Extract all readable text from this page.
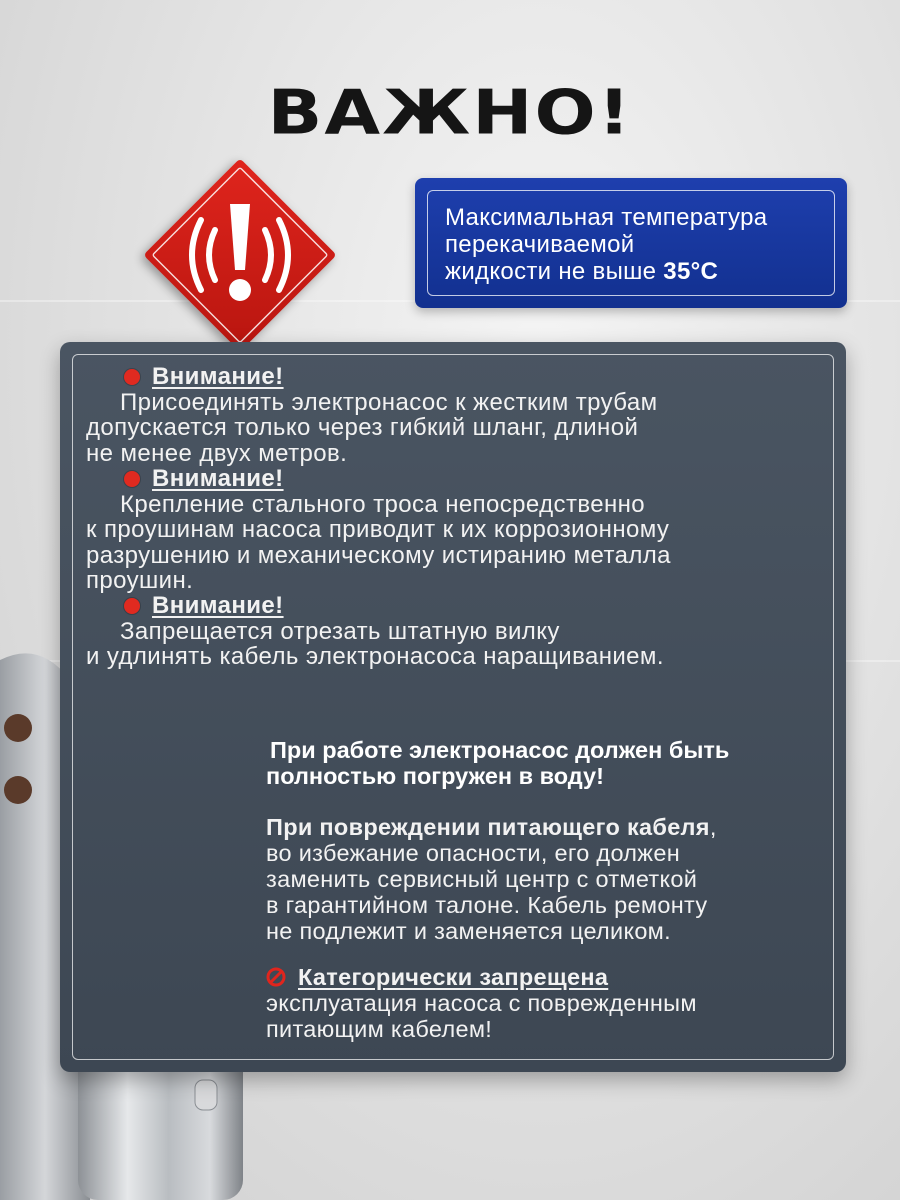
ВАЖНО!
Максимальная температура
перекачиваемой
жидкости не выше 35°С
Внимание!
Присоединять электронасос к жестким трубам
допускается только через гибкий шланг, длиной
не менее двух метров.
Внимание!
Крепление стального троса непосредственно
к проушинам насоса приводит к их коррозионному
разрушению и механическому истиранию металла
проушин.
Внимание!
Запрещается отрезать штатную вилку
и удлинять кабель электронасоса наращиванием.
При работе электронасос должен быть
полностью погружен в воду!
При повреждении питающего кабеля,
во избежание опасности, его должен
заменить сервисный центр с отметкой
в гарантийном талоне. Кабель ремонту
не подлежит и заменяется целиком.
Категорически запрещена
эксплуатация насоса с поврежденным
питающим кабелем!
